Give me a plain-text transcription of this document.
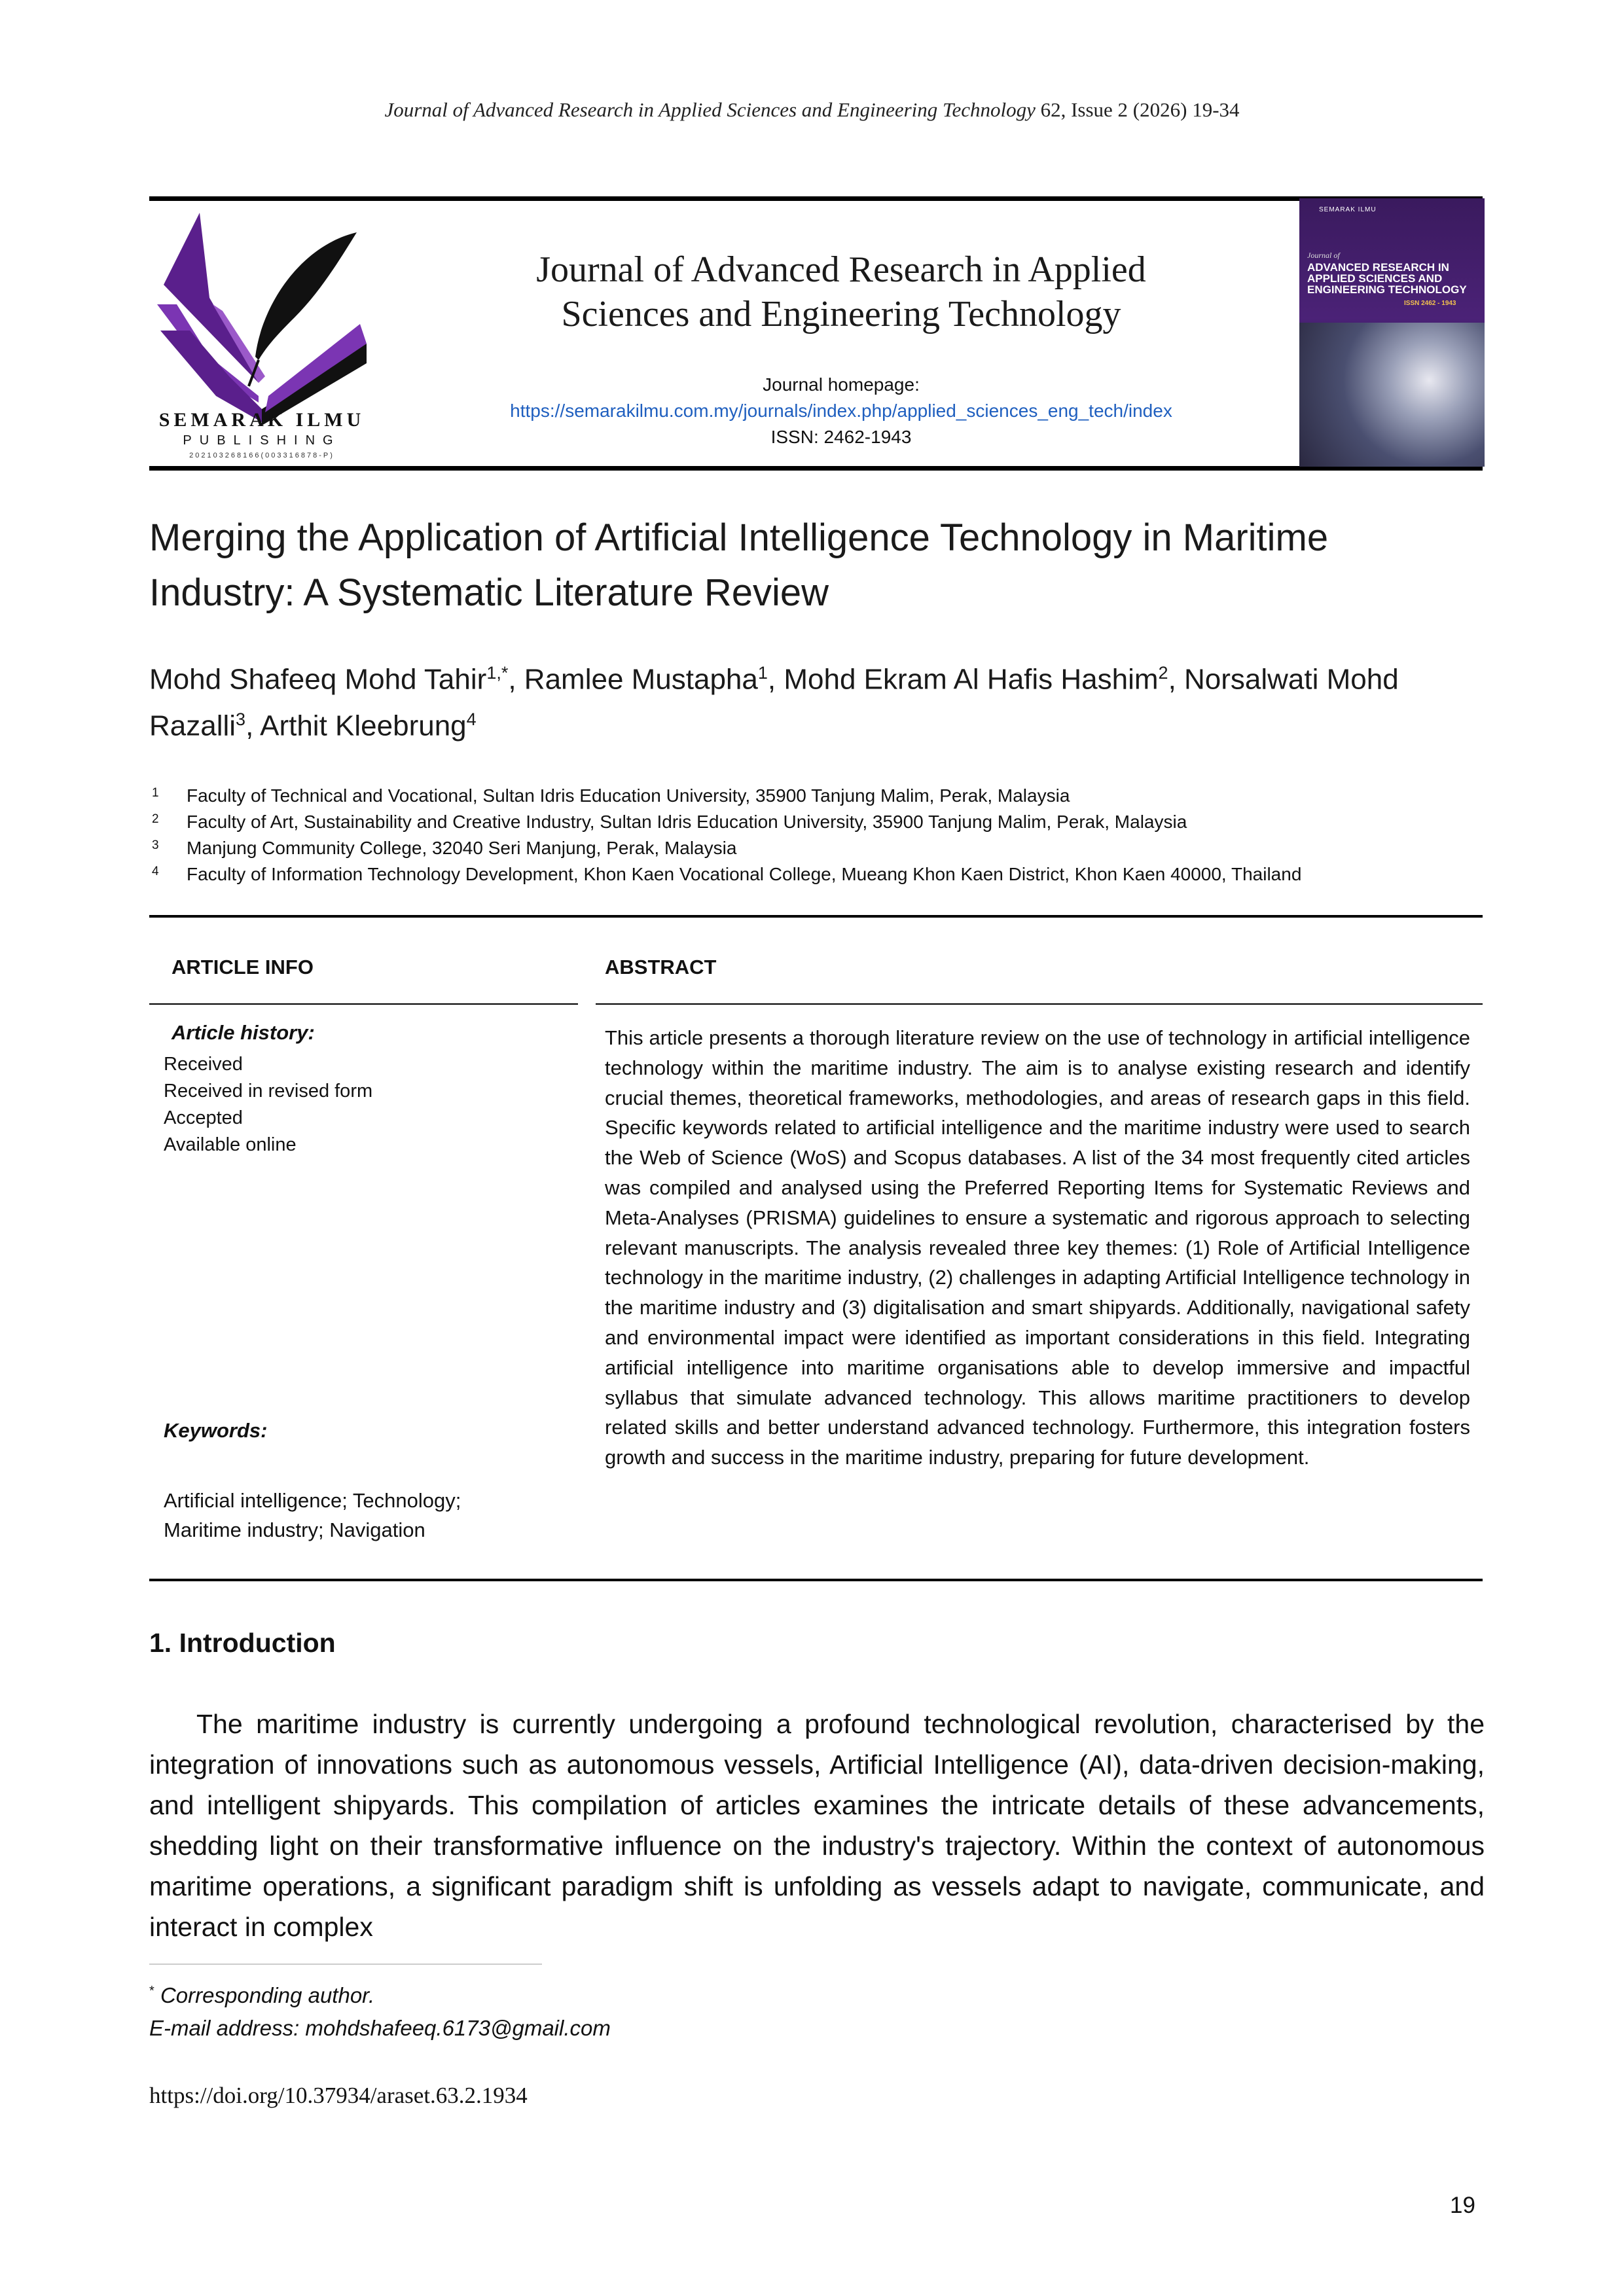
Journal of Advanced Research in Applied Sciences and Engineering Technology 62, Issue 2 (2026) 19-34
SEMARAK ILMU
PUBLISHING
202103268166(003316878-P)
Journal of Advanced Research in Applied
Sciences and Engineering Technology
Journal homepage:
https://semarakilmu.com.my/journals/index.php/applied_sciences_eng_tech/index
ISSN: 2462-1943
SEMARAK ILMU
Journal of
ADVANCED RESEARCH IN APPLIED SCIENCES AND ENGINEERING TECHNOLOGY
ISSN 2462 - 1943
Merging the Application of Artificial Intelligence Technology in Maritime
Industry: A Systematic Literature Review
Mohd Shafeeq Mohd Tahir$^{1,*}$, Ramlee Mustapha$^1$, Mohd Ekram Al Hafis Hashim$^2$, Norsalwati Mohd Razalli$^3$, Arthit Kleebrung$^4$
1 Faculty of Technical and Vocational, Sultan Idris Education University, 35900 Tanjung Malim, Perak, Malaysia
2 Faculty of Art, Sustainability and Creative Industry, Sultan Idris Education University, 35900 Tanjung Malim, Perak, Malaysia
3 Manjung Community College, 32040 Seri Manjung, Perak, Malaysia
4 Faculty of Information Technology Development, Khon Kaen Vocational College, Mueang Khon Kaen District, Khon Kaen 40000, Thailand
ARTICLE INFO	ABSTRACT
Article history:
Received
Received in revised form
Accepted
Available online
Keywords:
Artificial intelligence; Technology; Maritime industry; Navigation
This article presents a thorough literature review on the use of technology in artificial intelligence technology within the maritime industry. The aim is to analyse existing research and identify crucial themes, theoretical frameworks, methodologies, and areas of research gaps in this field. Specific keywords related to artificial intelligence and the maritime industry were used to search the Web of Science (WoS) and Scopus databases. A list of the 34 most frequently cited articles was compiled and analysed using the Preferred Reporting Items for Systematic Reviews and Meta-Analyses (PRISMA) guidelines to ensure a systematic and rigorous approach to selecting relevant manuscripts. The analysis revealed three key themes: (1) Role of Artificial Intelligence technology in the maritime industry, (2) challenges in adapting Artificial Intelligence technology in the maritime industry and (3) digitalisation and smart shipyards. Additionally, navigational safety and environmental impact were identified as important considerations in this field. Integrating artificial intelligence into maritime organisations able to develop immersive and impactful syllabus that simulate advanced technology. This allows maritime practitioners to develop related skills and better understand advanced technology. Furthermore, this integration fosters growth and success in the maritime industry, preparing for future development.
1. Introduction
The maritime industry is currently undergoing a profound technological revolution, characterised by the integration of innovations such as autonomous vessels, Artificial Intelligence (AI), data-driven decision-making, and intelligent shipyards. This compilation of articles examines the intricate details of these advancements, shedding light on their transformative influence on the industry's trajectory. Within the context of autonomous maritime operations, a significant paradigm shift is unfolding as vessels adapt to navigate, communicate, and interact in complex
* Corresponding author.
E-mail address: mohdshafeeq.6173@gmail.com
https://doi.org/10.37934/araset.63.2.1934
19
